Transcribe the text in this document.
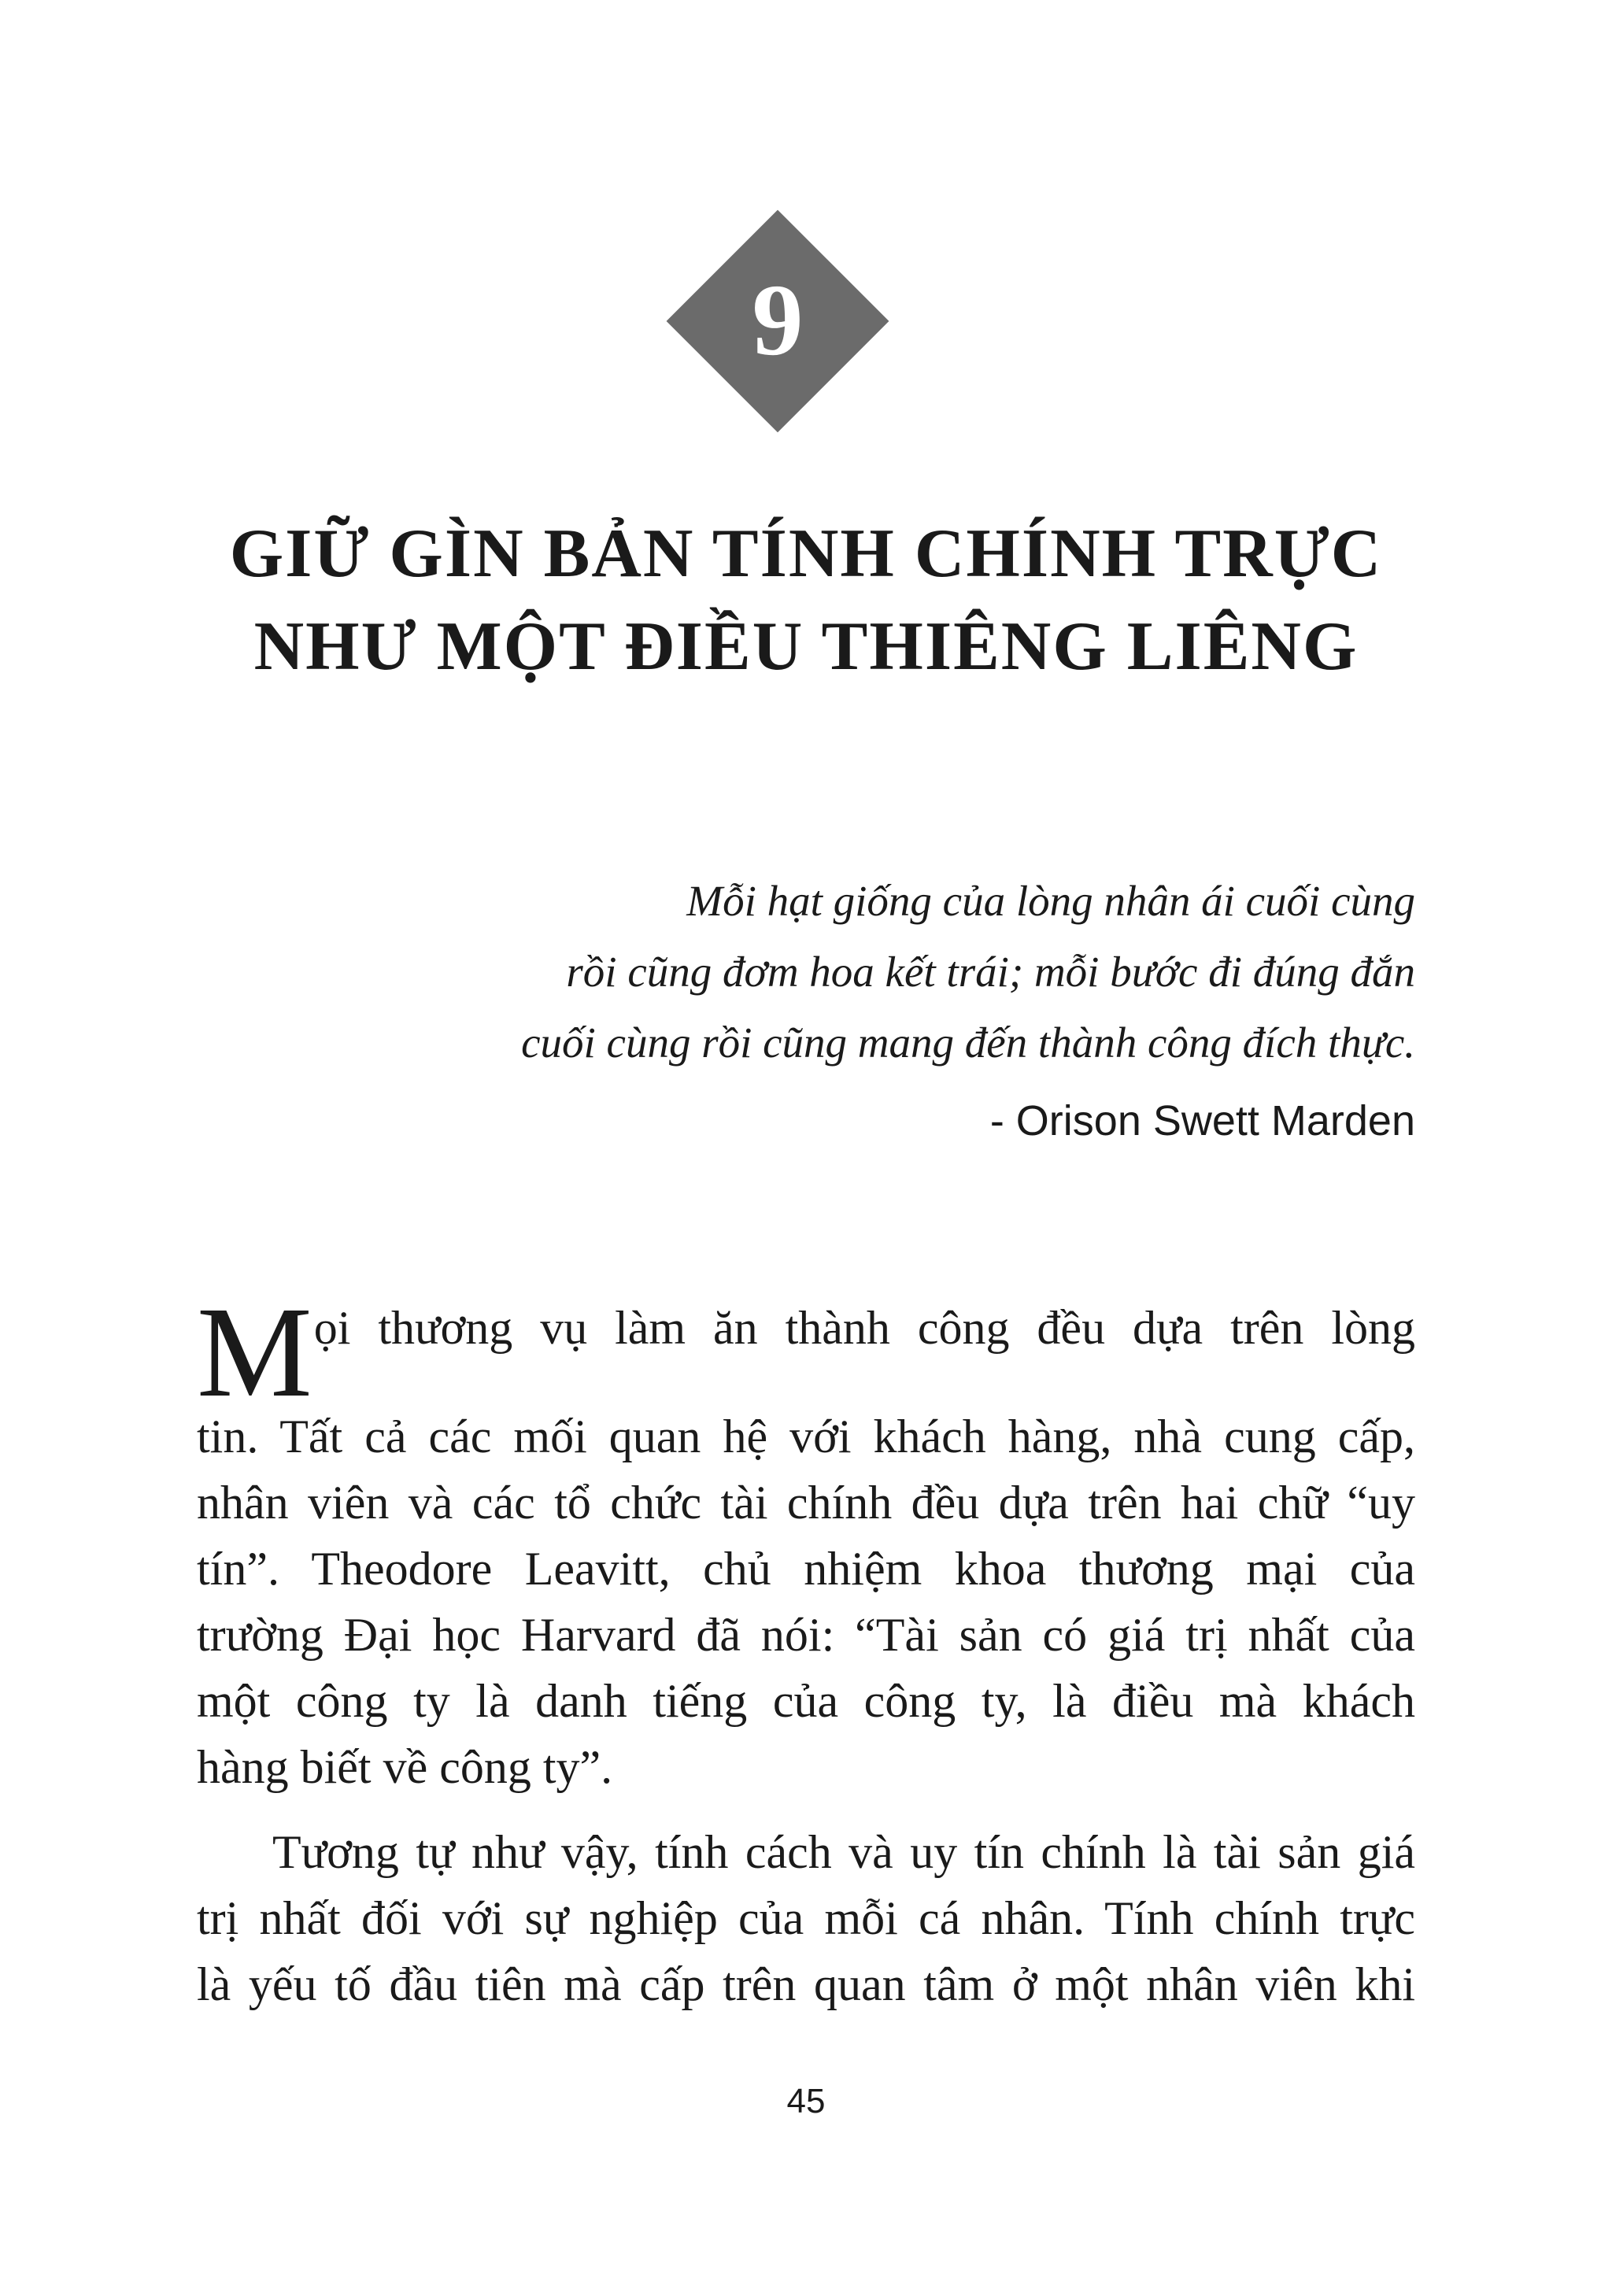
9
GIỮ GÌN BẢN TÍNH CHÍNH TRỰC
NHƯ MỘT ĐIỀU THIÊNG LIÊNG
Mỗi hạt giống của lòng nhân ái cuối cùng
rồi cũng đơm hoa kết trái; mỗi bước đi đúng đắn
cuối cùng rồi cũng mang đến thành công đích thực.
- Orison Swett Marden
M ọi thương vụ làm ăn thành công đều dựa trên lòng
tin. Tất cả các mối quan hệ với khách hàng, nhà cung cấp,
nhân viên và các tổ chức tài chính đều dựa trên hai chữ “uy
tín”. Theodore Leavitt, chủ nhiệm khoa thương mại của
trường Đại học Harvard đã nói: “Tài sản có giá trị nhất của
một công ty là danh tiếng của công ty, là điều mà khách
hàng biết về công ty”.
Tương tự như vậy, tính cách và uy tín chính là tài sản giá
trị nhất đối với sự nghiệp của mỗi cá nhân. Tính chính trực
là yếu tố đầu tiên mà cấp trên quan tâm ở một nhân viên khi
45
